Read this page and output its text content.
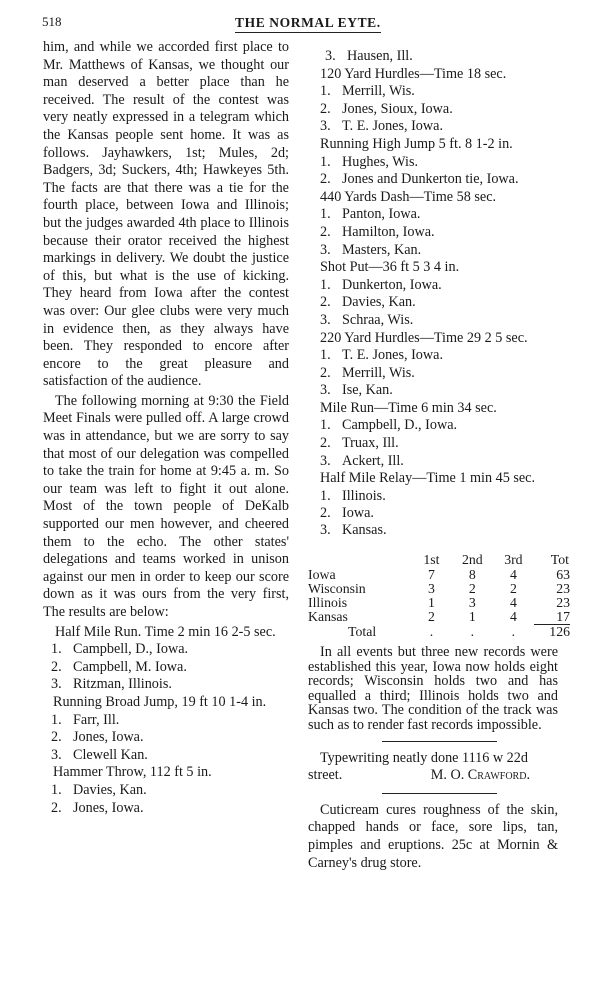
518	THE NORMAL EYTE.

him, and while we accorded first place to Mr. Matthews of Kansas, we thought our man deserved a better place than he received. The result of the contest was very neatly expressed in a telegram which the Kansas people sent home. It was as follows. Jayhawkers, 1st; Mules, 2d; Badgers, 3d; Suckers, 4th; Hawkeyes 5th. The facts are that there was a tie for the fourth place, between Iowa and Illinois; but the judges awarded 4th place to Illinois because their orator received the highest markings in delivery. We doubt the justice of this, but what is the use of kicking. They heard from Iowa after the contest was over: Our glee clubs were very much in evidence then, as they always have been. They responded to encore after encore to the great pleasure and satisfaction of the audience.

The following morning at 9:30 the Field Meet Finals were pulled off. A large crowd was in attendance, but we are sorry to say that most of our delegation was compelled to take the train for home at 9:45 a. m. So our team was left to fight it out alone. Most of the town people of DeKalb supported our men however, and cheered them to the echo. The other states' delegations and teams worked in unison against our men in order to keep our score down as it was ours from the very first, The results are below:

Half Mile Run. Time 2 min 16 2-5 sec.

1. Campbell, D., Iowa.
2. Campbell, M. Iowa.
3. Ritzman, Illinois.
Running Broad Jump, 19 ft 10 1-4 in.
1. Farr, Ill.
2. Jones, Iowa.
3. Clewell Kan.
Hammer Throw, 112 ft 5 in.
1. Davies, Kan.
2. Jones, Iowa.
3. Hausen, Ill.
120 Yard Hurdles—Time 18 sec.
1. Merrill, Wis.
2. Jones, Sioux, Iowa.
3. T. E. Jones, Iowa.
Running High Jump 5 ft. 8 1-2 in.
1. Hughes, Wis.
2. Jones and Dunkerton tie, Iowa.
440 Yards Dash—Time 58 sec.
1. Panton, Iowa.
2. Hamilton, Iowa.
3. Masters, Kan.
Shot Put—36 ft 5 3 4 in.
1. Dunkerton, Iowa.
2. Davies, Kan.
3. Schraa, Wis.
220 Yard Hurdles—Time 29 2 5 sec.
1. T. E. Jones, Iowa.
2. Merrill, Wis.
3. Ise, Kan.
Mile Run—Time 6 min 34 sec.
1. Campbell, D., Iowa.
2. Truax, Ill.
3. Ackert, Ill.
Half Mile Relay—Time 1 min 45 sec.
1. Illinois.
2. Iowa.
3. Kansas.
	1st	2nd	3rd	Tot
Iowa	7	8	4	63
Wisconsin	3	2	2	23
Illinois	1	3	4	23
Kansas	2	1	4	17
Total	.	.	.	126

In all events but three new records were established this year, Iowa now holds eight records; Wisconsin holds two and has equalled a third; Illinois holds two and Kansas two. The condition of the track was such as to render fast records impossible.

Typewriting neatly done 1116 w 22d street.	M. O. Crawford.

Cuticream cures roughness of the skin, chapped hands or face, sore lips, tan, pimples and eruptions. 25c at Mornin & Carney's drug store.
